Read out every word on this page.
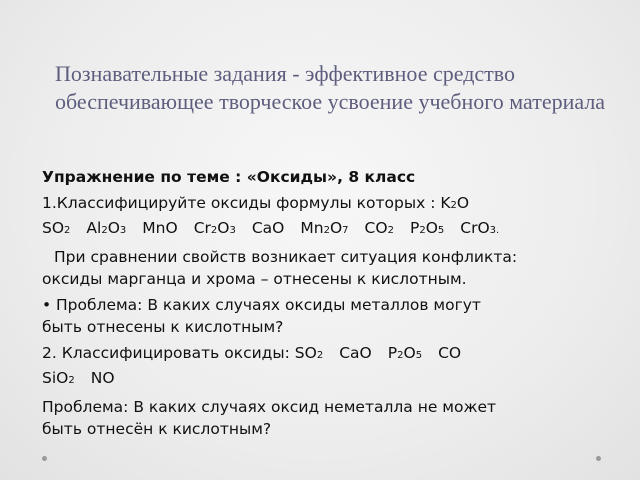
Познавательные задания - эффективное средство обеспечивающее творческое усвоение учебного материала
Упражнение по теме : «Оксиды», 8 класс
1.Классифицируйте оксиды формулы которых : K2O
SO2 Al2O3 MnO Cr2O3 CaO Mn2O7 CO2 P2O5 CrO3.
При сравнении свойств возникает ситуация конфликта:
оксиды марганца и хрома – отнесены к кислотным.
• Проблема: В каких случаях оксиды металлов могут
быть отнесены к кислотным?
2. Классифицировать оксиды: SO2 CaO P2O5 CO
SiO2 NO
Проблема: В каких случаях оксид неметалла не может
быть отнесён к кислотным?
